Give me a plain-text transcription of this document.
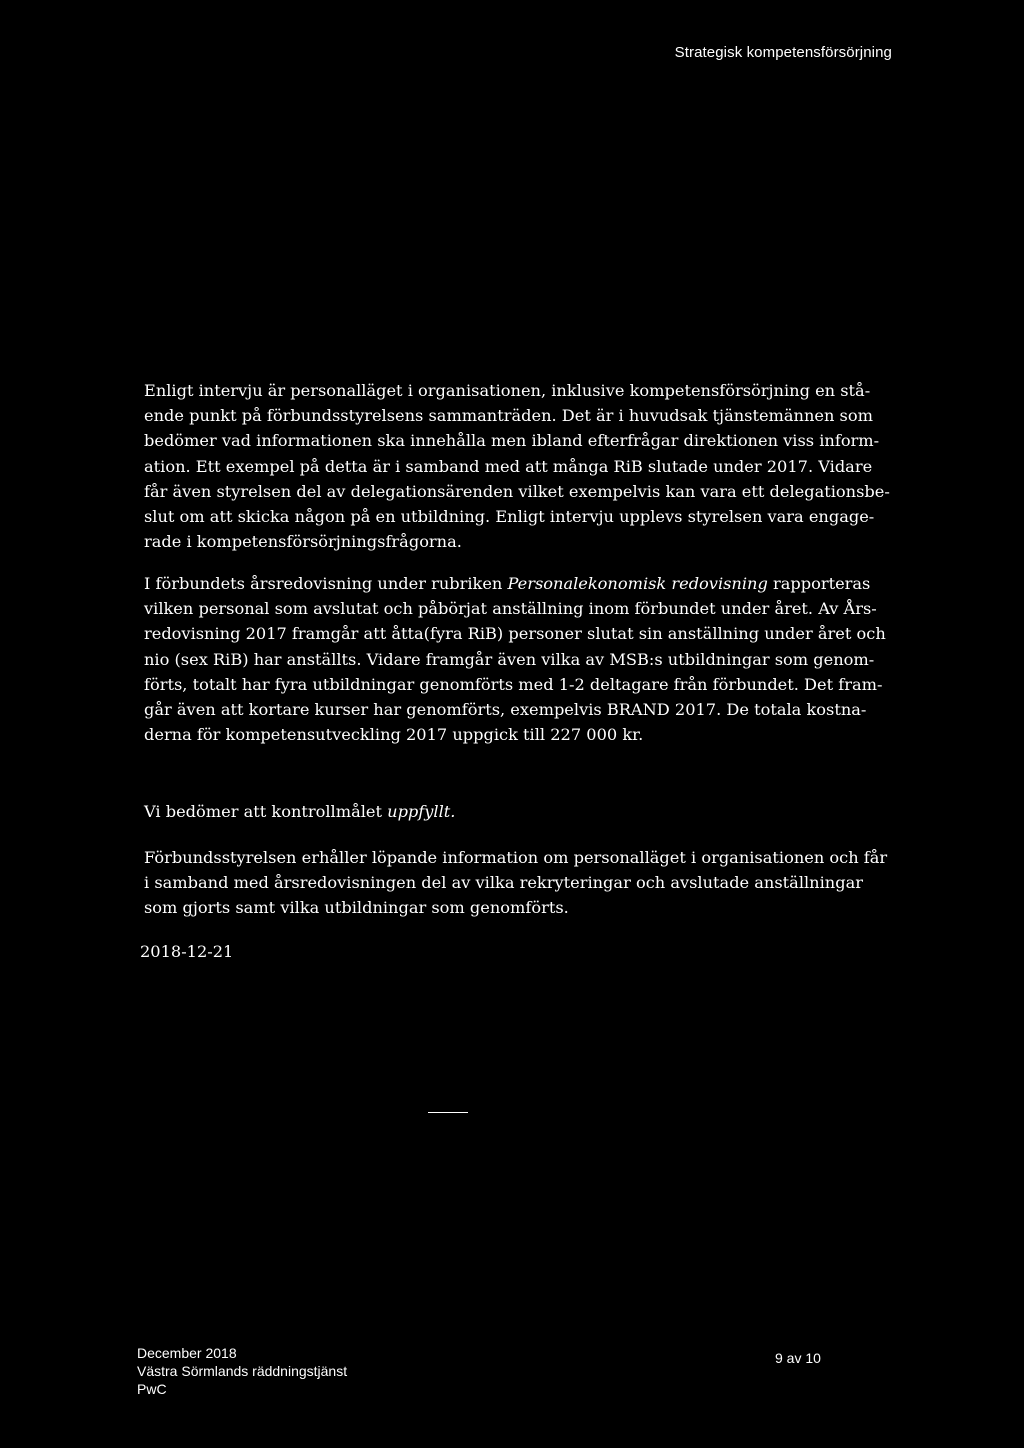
Strategisk kompetensförsörjning
Enligt intervju är personalläget i organisationen, inklusive kompetensförsörjning en stå-
ende punkt på förbundsstyrelsens sammanträden. Det är i huvudsak tjänstemännen som
bedömer vad informationen ska innehålla men ibland efterfrågar direktionen viss inform-
ation. Ett exempel på detta är i samband med att många RiB slutade under 2017. Vidare
får även styrelsen del av delegationsärenden vilket exempelvis kan vara ett delegationsbe-
slut om att skicka någon på en utbildning. Enligt intervju upplevs styrelsen vara engage-
rade i kompetensförsörjningsfrågorna.
I förbundets årsredovisning under rubriken Personalekonomisk redovisning rapporteras
vilken personal som avslutat och påbörjat anställning inom förbundet under året. Av Års-
redovisning 2017 framgår att åtta(fyra RiB) personer slutat sin anställning under året och
nio (sex RiB) har anställts. Vidare framgår även vilka av MSB:s utbildningar som genom-
förts, totalt har fyra utbildningar genomförts med 1-2 deltagare från förbundet. Det fram-
går även att kortare kurser har genomförts, exempelvis BRAND 2017. De totala kostna-
derna för kompetensutveckling 2017 uppgick till 227 000 kr.
Vi bedömer att kontrollmålet uppfyllt.
Förbundsstyrelsen erhåller löpande information om personalläget i organisationen och får
i samband med årsredovisningen del av vilka rekryteringar och avslutade anställningar
som gjorts samt vilka utbildningar som genomförts.
2018-12-21
December 2018
Västra Sörmlands räddningstjänst
PwC
9 av 10
